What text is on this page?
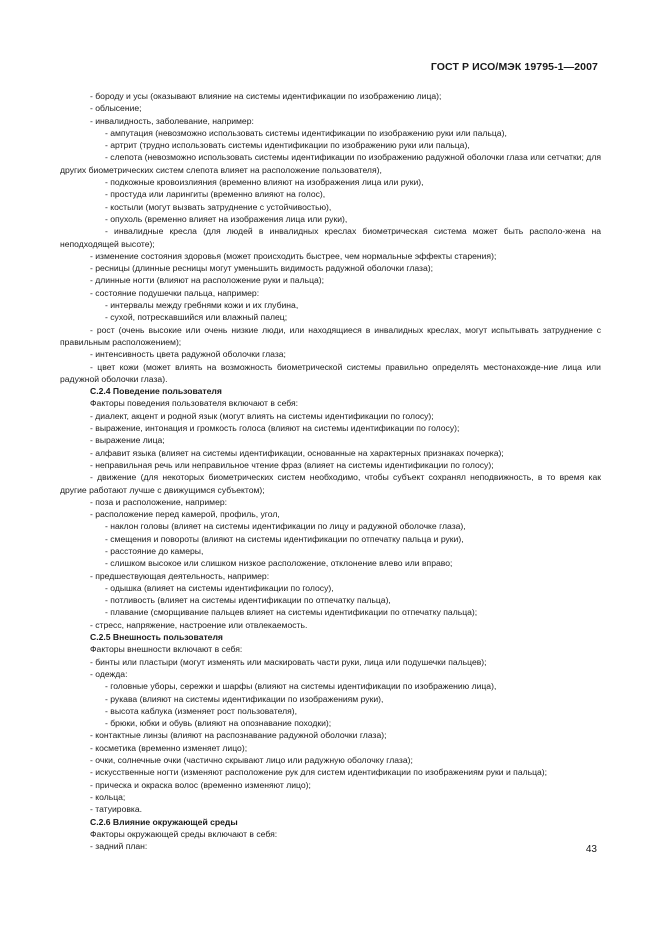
ГОСТ Р ИСО/МЭК 19795-1—2007
- бороду и усы (оказывают влияние на системы идентификации по изображению лица);
- облысение;
- инвалидность, заболевание, например:
- ампутация (невозможно использовать системы идентификации по изображению руки или пальца),
- артрит (трудно использовать системы идентификации по изображению руки или пальца),
- слепота (невозможно использовать системы идентификации по изображению радужной оболочки глаза или сетчатки; для других биометрических систем слепота влияет на расположение пользователя),
- подкожные кровоизлияния (временно влияют на изображения лица или руки),
- простуда или ларингиты (временно влияют на голос),
- костыли (могут вызвать затруднение с устойчивостью),
- опухоль (временно влияет на изображения лица или руки),
- инвалидные кресла (для людей в инвалидных креслах биометрическая система может быть располо-жена на неподходящей высоте);
- изменение состояния здоровья (может происходить быстрее, чем нормальные эффекты старения);
- ресницы (длинные ресницы могут уменьшить видимость радужной оболочки глаза);
- длинные ногти (влияют на расположение руки и пальца);
- состояние подушечки пальца, например:
- интервалы между гребнями кожи и их глубина,
- сухой, потрескавшийся или влажный палец;
- рост (очень высокие или очень низкие люди, или находящиеся в инвалидных креслах, могут испытывать затруднение с правильным расположением);
- интенсивность цвета радужной оболочки глаза;
- цвет кожи (может влиять на возможность биометрической системы правильно определять местонахожде-ние лица или радужной оболочки глаза).
С.2.4 Поведение пользователя
Факторы поведения пользователя включают в себя:
- диалект, акцент и родной язык (могут влиять на системы идентификации по голосу);
- выражение, интонация и громкость голоса (влияют на системы идентификации по голосу);
- выражение лица;
- алфавит языка (влияет на системы идентификации, основанные на характерных признаках почерка);
- неправильная речь или неправильное чтение фраз (влияет на системы идентификации по голосу);
- движение (для некоторых биометрических систем необходимо, чтобы субъект сохранял неподвижность, в то время как другие работают лучше с движущимся субъектом);
- поза и расположение, например:
- расположение перед камерой, профиль, угол,
- наклон головы (влияет на системы идентификации по лицу и радужной оболочке глаза),
- смещения и повороты (влияют на системы идентификации по отпечатку пальца и руки),
- расстояние до камеры,
- слишком высокое или слишком низкое расположение, отклонение влево или вправо;
- предшествующая деятельность, например:
- одышка (влияет на системы идентификации по голосу),
- потливость (влияет на системы идентификации по отпечатку пальца),
- плавание (сморщивание пальцев влияет на системы идентификации по отпечатку пальца);
- стресс, напряжение, настроение или отвлекаемость.
С.2.5 Внешность пользователя
Факторы внешности включают в себя:
- бинты или пластыри (могут изменять или маскировать части руки, лица или подушечки пальцев);
- одежда:
- головные уборы, сережки и шарфы (влияют на системы идентификации по изображению лица),
- рукава (влияют на системы идентификации по изображениям руки),
- высота каблука (изменяет рост пользователя),
- брюки, юбки и обувь (влияют на опознавание походки);
- контактные линзы (влияют на распознавание радужной оболочки глаза);
- косметика (временно изменяет лицо);
- очки, солнечные очки (частично скрывают лицо или радужную оболочку глаза);
- искусственные ногти (изменяют расположение рук для систем идентификации по изображениям руки и пальца);
- прическа и окраска волос (временно изменяют лицо);
- кольца;
- татуировка.
С.2.6 Влияние окружающей среды
Факторы окружающей среды включают в себя:
- задний план:	43
